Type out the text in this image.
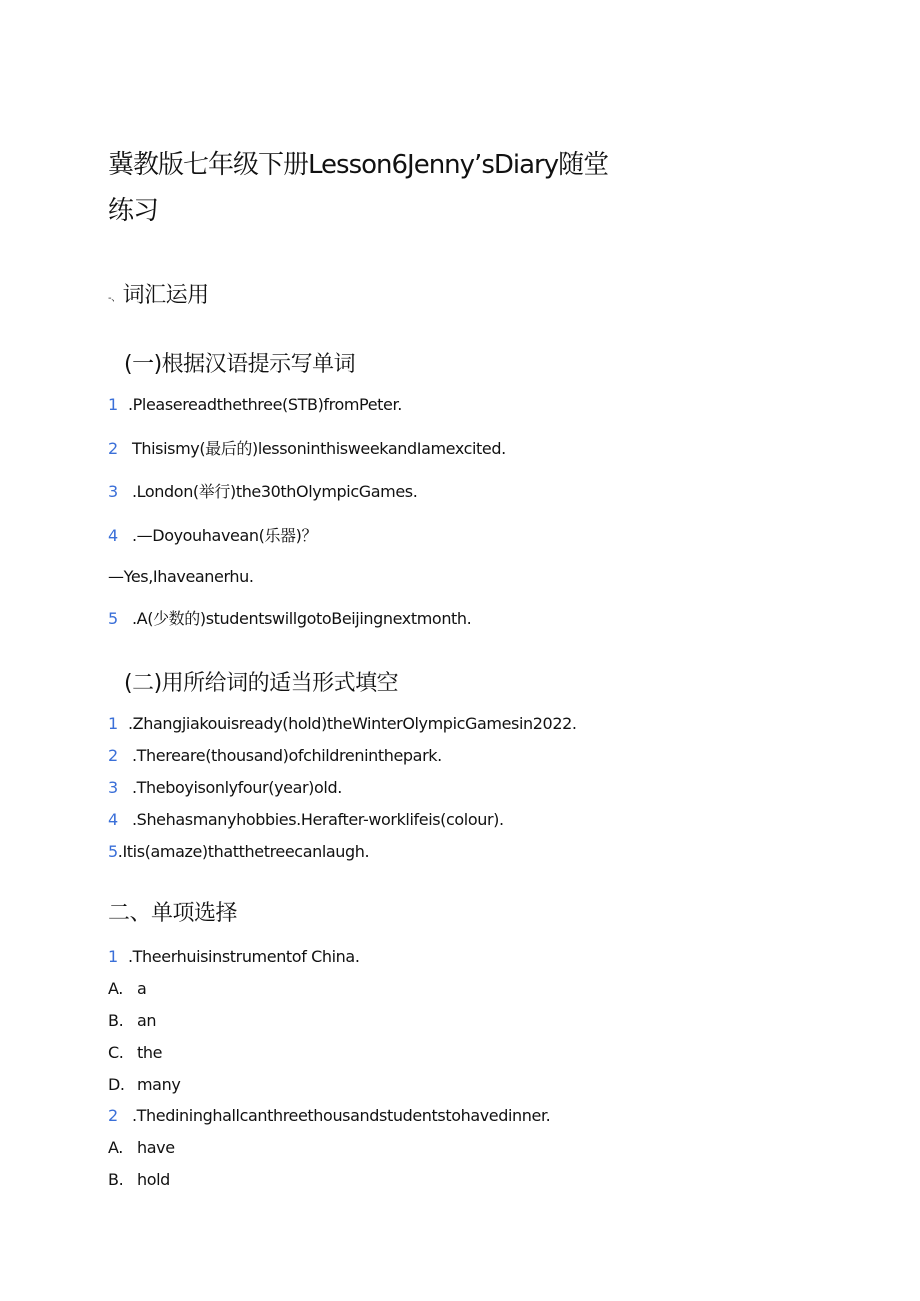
冀教版七年级下册Lesson6Jenny’sDiary随堂
练习
-、词汇运用
(一)根据汉语提示写单词
1 .Pleasereadthethree(STB)fromPeter.
2 Thisismy(最后的)lessoninthisweekandIamexcited.
3 .London(举行)the30thOlympicGames.
4 .—Doyouhavean(乐器)？
—Yes,Ihaveanerhu.
5 .A(少数的)studentswillgotoBeijingnextmonth.
(二)用所给词的适当形式填空
1 .Zhangjiakouisready(hold)theWinterOlympicGamesin2022.
2 .Thereare(thousand)ofchildreninthepark.
3 .Theboyisonlyfour(year)old.
4 .Shehasmanyhobbies.Herafter-worklifeis(colour).
5.Itis(amaze)thatthetreecanlaugh.
二、单项选择
1 .Theerhuisinstrumentof China.
A. a
B. an
C. the
D. many
2 .Thedininghallcanthreethousandstudentstohavedinner.
A. have
B. hold
